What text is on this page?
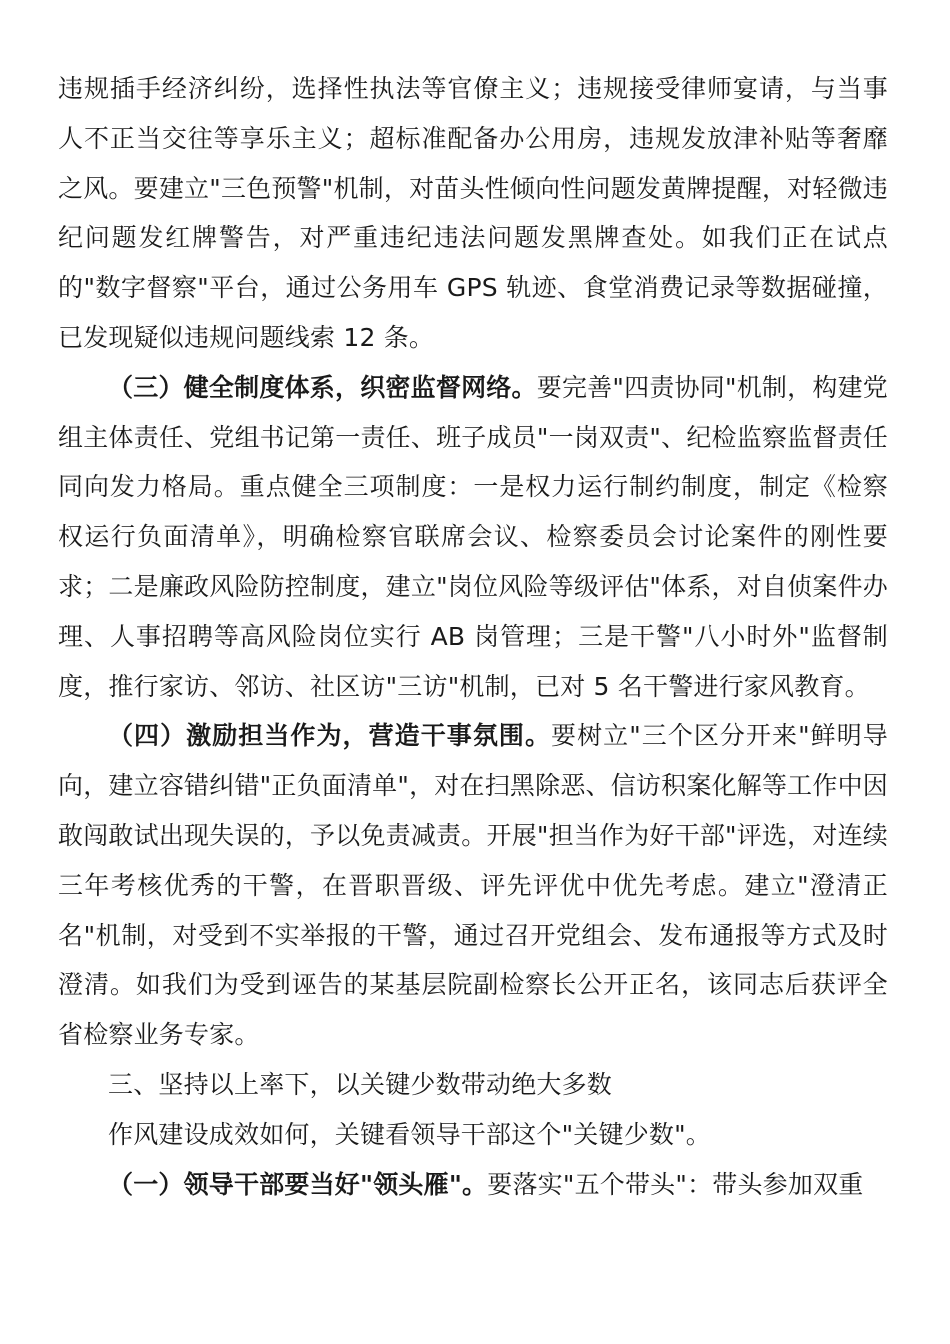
违规插手经济纠纷，选择性执法等官僚主义；违规接受律师宴请，与当事人不正当交往等享乐主义；超标准配备办公用房，违规发放津补贴等奢靡之风。要建立"三色预警"机制，对苗头性倾向性问题发黄牌提醒，对轻微违纪问题发红牌警告，对严重违纪违法问题发黑牌查处。如我们正在试点的"数字督察"平台，通过公务用车 GPS 轨迹、食堂消费记录等数据碰撞，已发现疑似违规问题线索 12 条。

（三）健全制度体系，织密监督网络。要完善"四责协同"机制，构建党组主体责任、党组书记第一责任、班子成员"一岗双责"、纪检监察监督责任同向发力格局。重点健全三项制度：一是权力运行制约制度，制定《检察权运行负面清单》，明确检察官联席会议、检察委员会讨论案件的刚性要求；二是廉政风险防控制度，建立"岗位风险等级评估"体系，对自侦案件办理、人事招聘等高风险岗位实行 AB 岗管理；三是干警"八小时外"监督制度，推行家访、邻访、社区访"三访"机制，已对 5 名干警进行家风教育。

（四）激励担当作为，营造干事氛围。要树立"三个区分开来"鲜明导向，建立容错纠错"正负面清单"，对在扫黑除恶、信访积案化解等工作中因敢闯敢试出现失误的，予以免责减责。开展"担当作为好干部"评选，对连续三年考核优秀的干警，在晋职晋级、评先评优中优先考虑。建立"澄清正名"机制，对受到不实举报的干警，通过召开党组会、发布通报等方式及时澄清。如我们为受到诬告的某基层院副检察长公开正名，该同志后获评全省检察业务专家。

三、坚持以上率下，以关键少数带动绝大多数

作风建设成效如何，关键看领导干部这个"关键少数"。

（一）领导干部要当好"领头雁"。要落实"五个带头"：带头参加双重
